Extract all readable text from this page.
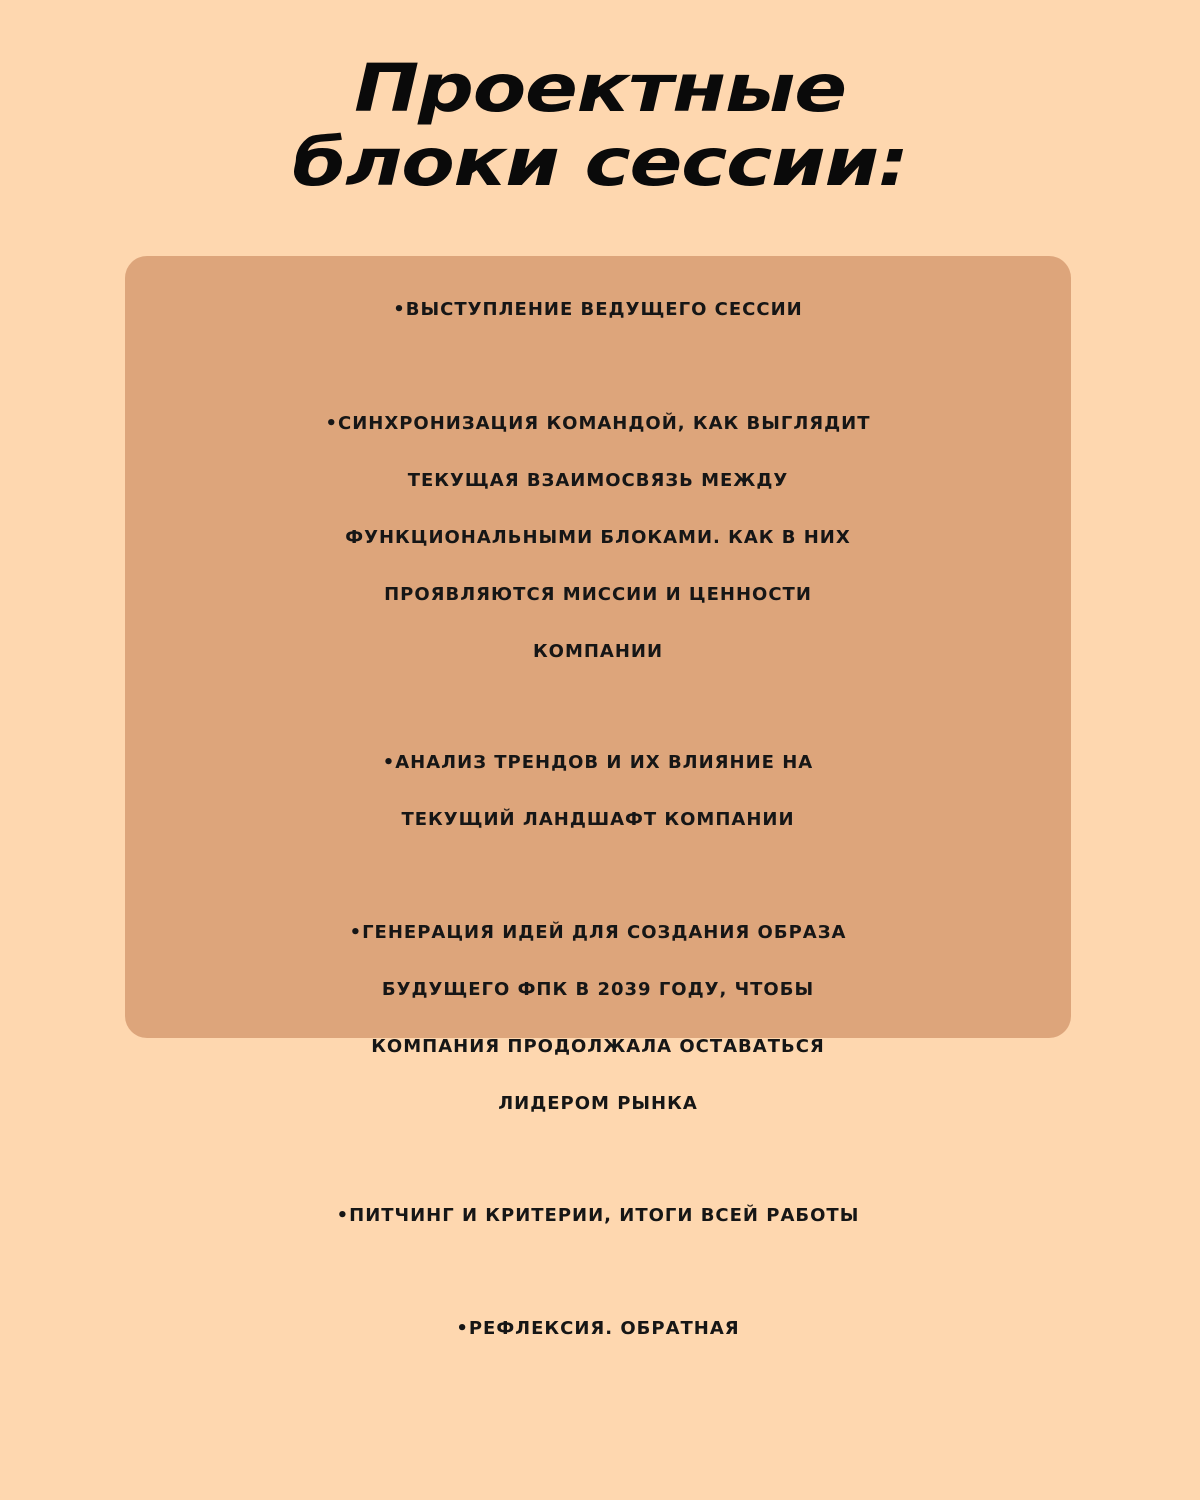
Проектные
блоки сессии:
•ВЫСТУПЛЕНИЕ ВЕДУЩЕГО СЕССИИ
•СИНХРОНИЗАЦИЯ КОМАНДОЙ, КАК ВЫГЛЯДИТ
ТЕКУЩАЯ ВЗАИМОСВЯЗЬ МЕЖДУ
ФУНКЦИОНАЛЬНЫМИ БЛОКАМИ. КАК В НИХ
ПРОЯВЛЯЮТСЯ МИССИИ И ЦЕННОСТИ
КОМПАНИИ
•АНАЛИЗ ТРЕНДОВ И ИХ ВЛИЯНИЕ НА
ТЕКУЩИЙ ЛАНДШАФТ КОМПАНИИ
•ГЕНЕРАЦИЯ ИДЕЙ ДЛЯ СОЗДАНИЯ ОБРАЗА
БУДУЩЕГО ФПК В 2039 ГОДУ, ЧТОБЫ
КОМПАНИЯ ПРОДОЛЖАЛА ОСТАВАТЬСЯ
ЛИДЕРОМ РЫНКА
•ПИТЧИНГ И КРИТЕРИИ, ИТОГИ ВСЕЙ РАБОТЫ
•РЕФЛЕКСИЯ. ОБРАТНАЯ
